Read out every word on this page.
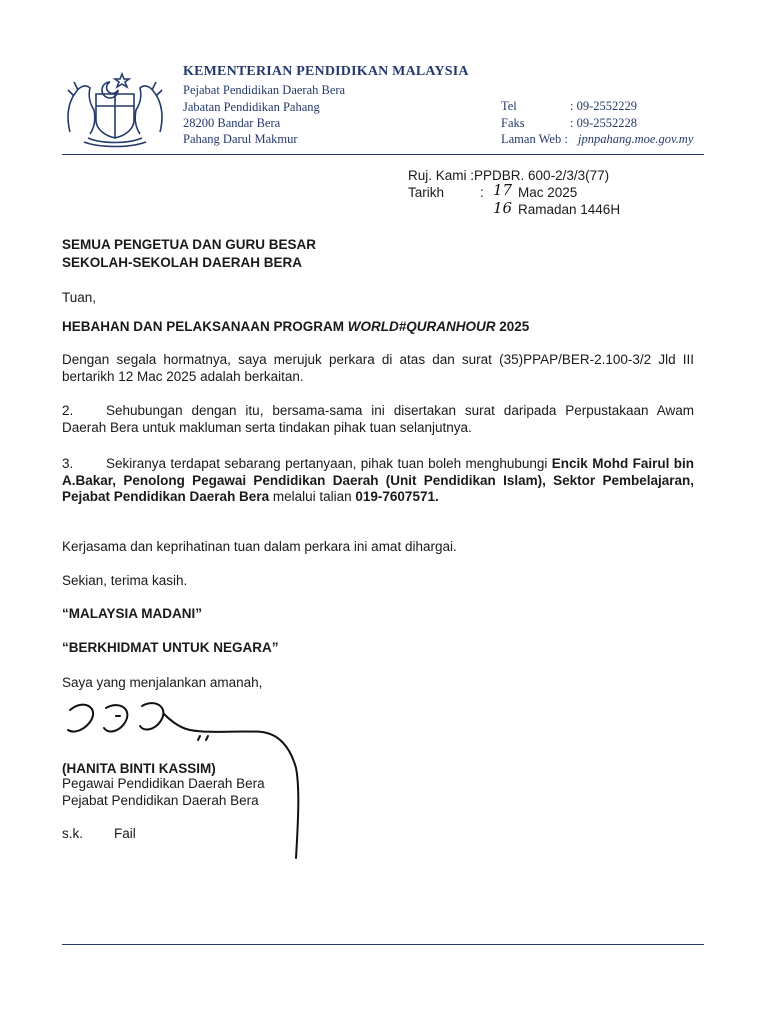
KEMENTERIAN PENDIDIKAN MALAYSIA
Pejabat Pendidikan Daerah Bera
Jabatan Pendidikan Pahang
28200 Bandar Bera
Pahang Darul Makmur
Tel	: 09-2552229
Faks	: 09-2552228
Laman Web : jpnpahang.moe.gov.my
Ruj. Kami :PPDBR. 600-2/3/3(77)
Tarikh	: 17 Mac 2025
16 Ramadan 1446H
SEMUA PENGETUA DAN GURU BESAR
SEKOLAH-SEKOLAH DAERAH BERA
Tuan,
HEBAHAN DAN PELAKSANAAN PROGRAM WORLD#QURANHOUR 2025
Dengan segala hormatnya, saya merujuk perkara di atas dan surat (35)PPAP/BER-2.100-3/2 Jld III bertarikh 12 Mac 2025 adalah berkaitan.
2. Sehubungan dengan itu, bersama-sama ini disertakan surat daripada Perpustakaan Awam Daerah Bera untuk makluman serta tindakan pihak tuan selanjutnya.
3. Sekiranya terdapat sebarang pertanyaan, pihak tuan boleh menghubungi Encik Mohd Fairul bin A.Bakar, Penolong Pegawai Pendidikan Daerah (Unit Pendidikan Islam), Sektor Pembelajaran, Pejabat Pendidikan Daerah Bera melalui talian 019-7607571.
Kerjasama dan keprihatinan tuan dalam perkara ini amat dihargai.
Sekian, terima kasih.
“MALAYSIA MADANI”
“BERKHIDMAT UNTUK NEGARA”
Saya yang menjalankan amanah,
(HANITA BINTI KASSIM)
Pegawai Pendidikan Daerah Bera
Pejabat Pendidikan Daerah Bera
s.k. Fail
